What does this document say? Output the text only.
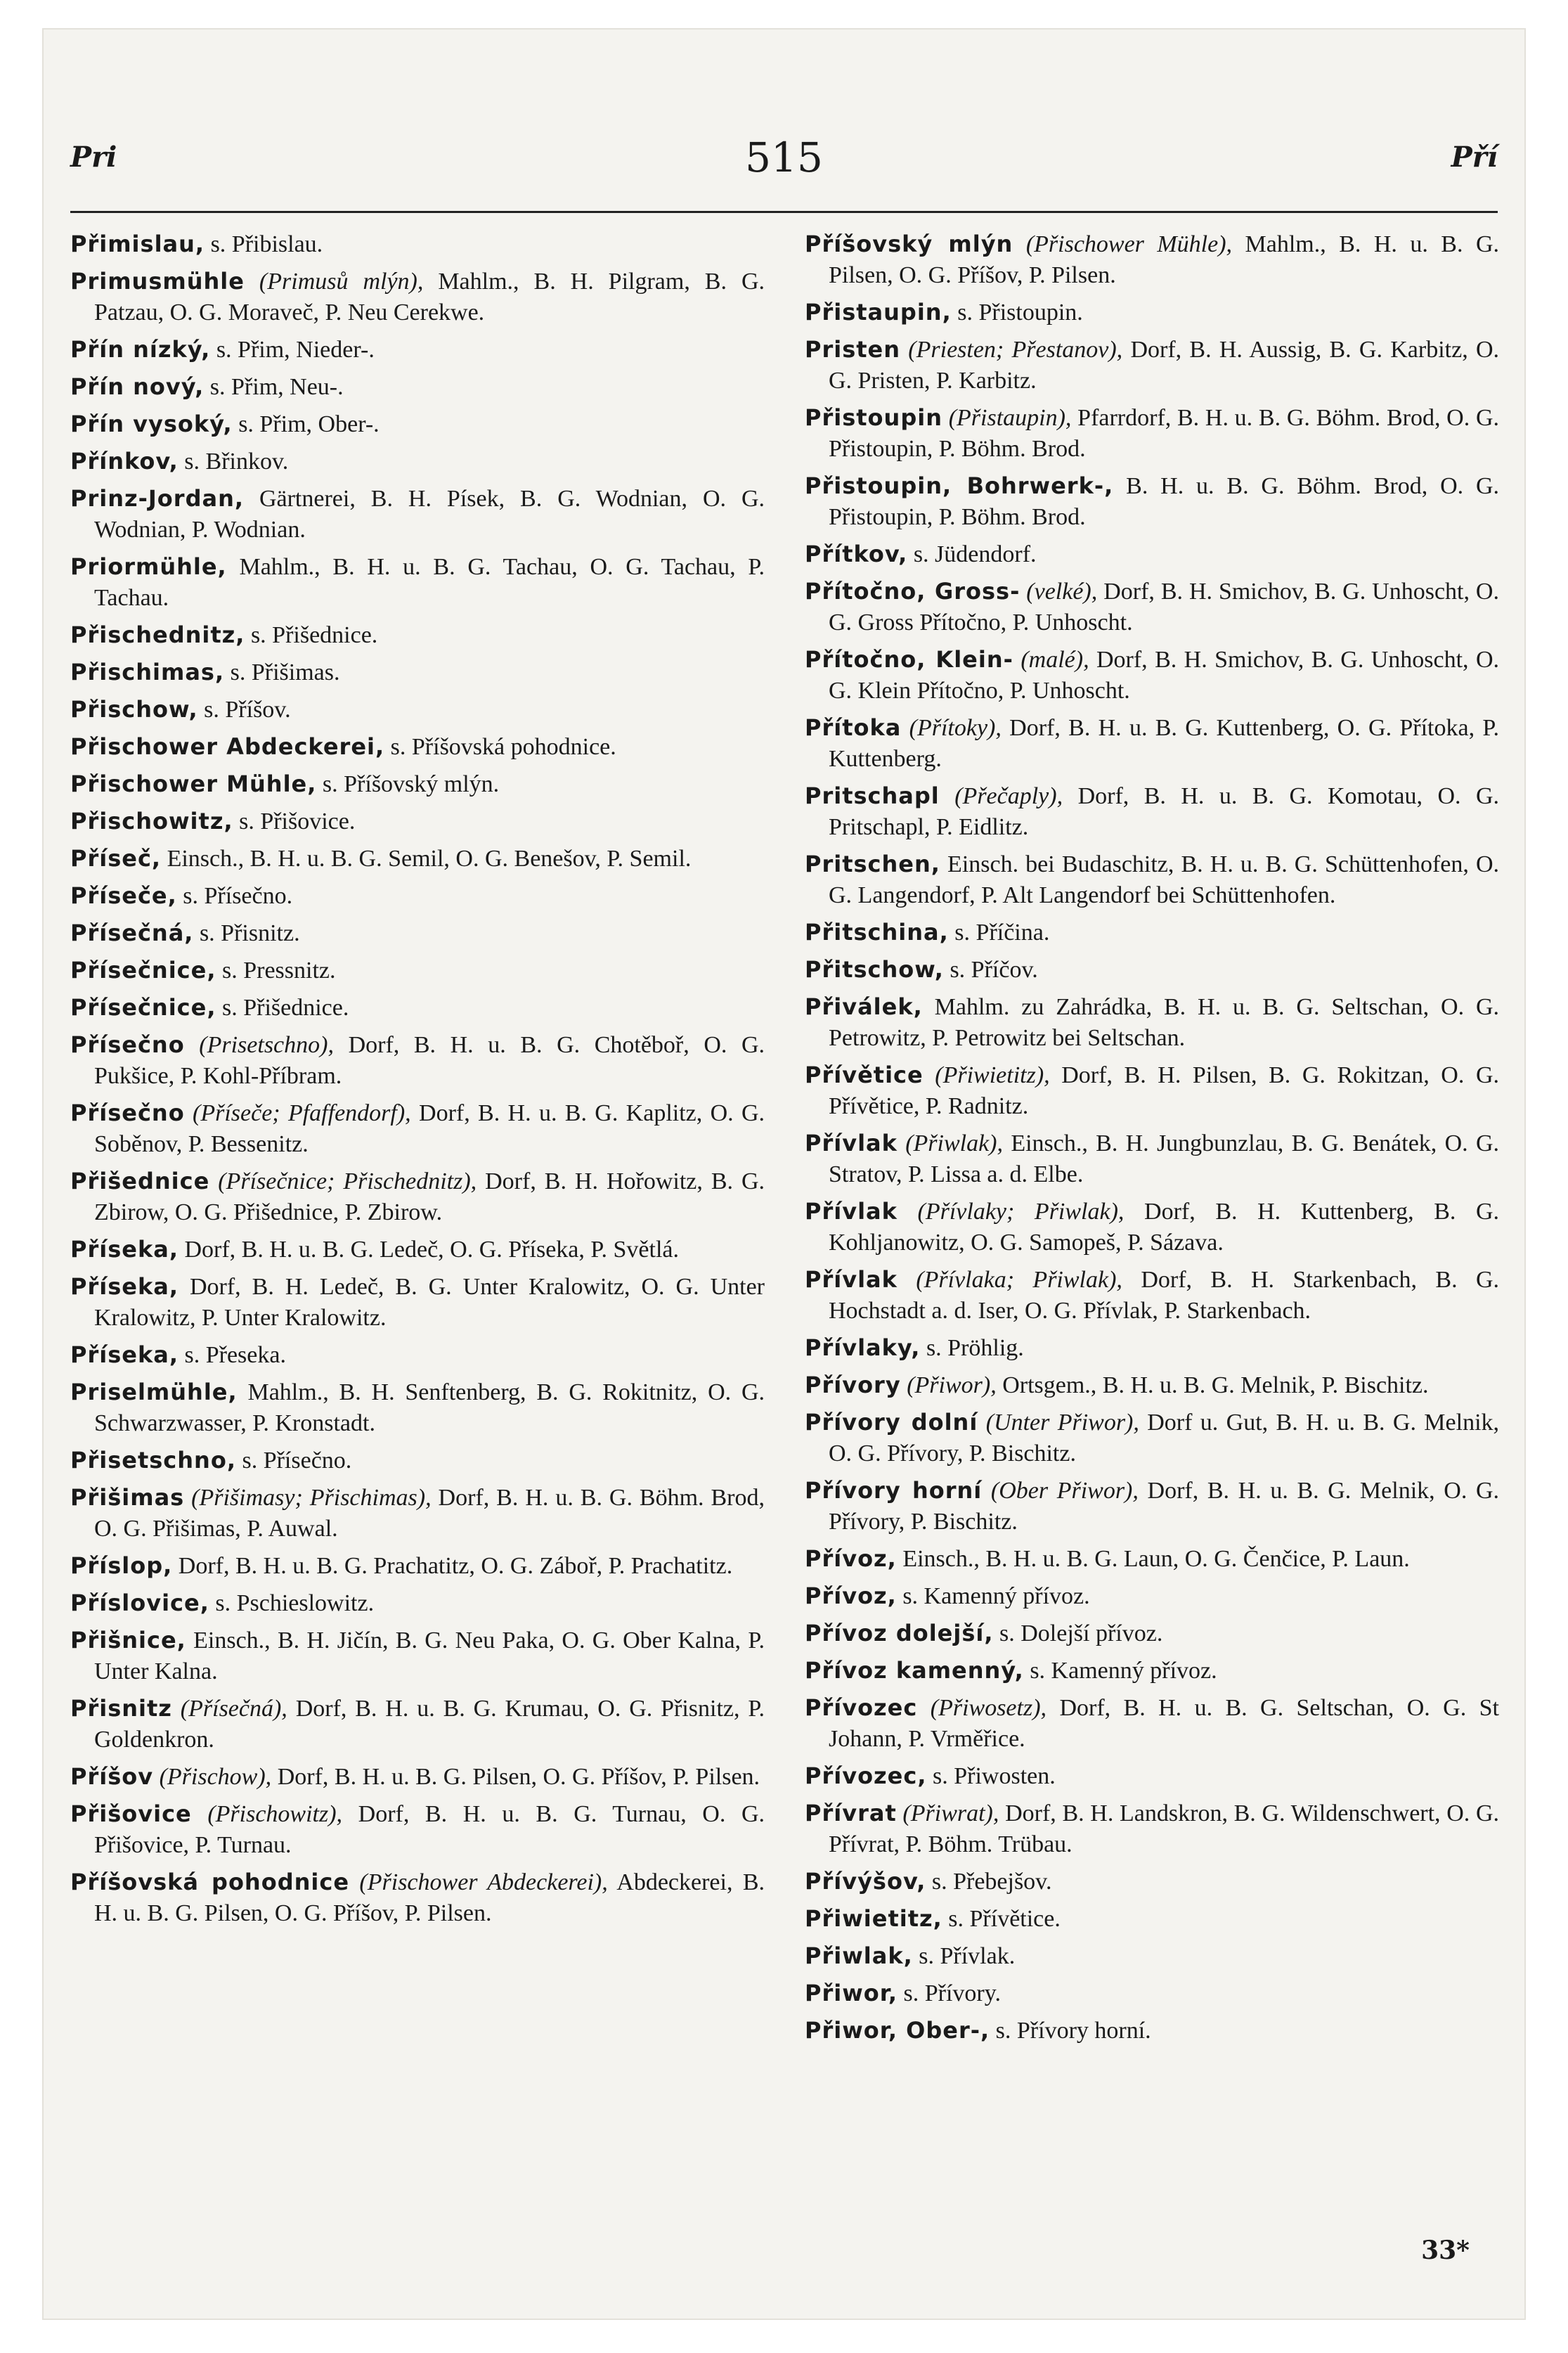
Pri	515	Pří

Přimislau, s. Přibislau.

Primusmühle (Primusů mlýn), Mahlm., B. H. Pilgram, B. G. Patzau, O. G. Moraveč, P. Neu Cerekwe.

Přín nízký, s. Přim, Nieder-.

Přín nový, s. Přim, Neu-.

Přín vysoký, s. Přim, Ober-.

Přínkov, s. Břinkov.

Prinz-Jordan, Gärtnerei, B. H. Písek, B. G. Wodnian, O. G. Wodnian, P. Wodnian.

Priormühle, Mahlm., B. H. u. B. G. Tachau, O. G. Tachau, P. Tachau.

Přischednitz, s. Přišednice.

Přischimas, s. Přišimas.

Přischow, s. Příšov.

Přischower Abdeckerei, s. Příšovská pohodnice.

Přischower Mühle, s. Příšovský mlýn.

Přischowitz, s. Přišovice.

Příseč, Einsch., B. H. u. B. G. Semil, O. G. Benešov, P. Semil.

Příseče, s. Přísečno.

Přísečná, s. Přisnitz.

Přísečnice, s. Pressnitz.

Přísečnice, s. Přišednice.

Přísečno (Prisetschno), Dorf, B. H. u. B. G. Chotěboř, O. G. Pukšice, P. Kohl-Příbram.

Přísečno (Příseče; Pfaffendorf), Dorf, B. H. u. B. G. Kaplitz, O. G. Soběnov, P. Bessenitz.

Přišednice (Přísečnice; Přischednitz), Dorf, B. H. Hořowitz, B. G. Zbirow, O. G. Přišednice, P. Zbirow.

Příseka, Dorf, B. H. u. B. G. Ledeč, O. G. Příseka, P. Světlá.

Příseka, Dorf, B. H. Ledeč, B. G. Unter Kralowitz, O. G. Unter Kralowitz, P. Unter Kralowitz.

Příseka, s. Přeseka.

Priselmühle, Mahlm., B. H. Senftenberg, B. G. Rokitnitz, O. G. Schwarzwasser, P. Kronstadt.

Přisetschno, s. Přísečno.

Přišimas (Přišimasy; Přischimas), Dorf, B. H. u. B. G. Böhm. Brod, O. G. Přišimas, P. Auwal.

Příslop, Dorf, B. H. u. B. G. Prachatitz, O. G. Záboř, P. Prachatitz.

Příslovice, s. Pschieslowitz.

Přišnice, Einsch., B. H. Jičín, B. G. Neu Paka, O. G. Ober Kalna, P. Unter Kalna.

Přisnitz (Přísečná), Dorf, B. H. u. B. G. Krumau, O. G. Přisnitz, P. Goldenkron.

Příšov (Přischow), Dorf, B. H. u. B. G. Pilsen, O. G. Příšov, P. Pilsen.

Přišovice (Přischowitz), Dorf, B. H. u. B. G. Turnau, O. G. Přišovice, P. Turnau.

Příšovská pohodnice (Přischower Abdeckerei), Abdeckerei, B. H. u. B. G. Pilsen, O. G. Příšov, P. Pilsen.

Příšovský mlýn (Přischower Mühle), Mahlm., B. H. u. B. G. Pilsen, O. G. Příšov, P. Pilsen.

Přistaupin, s. Přistoupin.

Pristen (Priesten; Přestanov), Dorf, B. H. Aussig, B. G. Karbitz, O. G. Pristen, P. Karbitz.

Přistoupin (Přistaupin), Pfarrdorf, B. H. u. B. G. Böhm. Brod, O. G. Přistoupin, P. Böhm. Brod.

Přistoupin, Bohrwerk-, B. H. u. B. G. Böhm. Brod, O. G. Přistoupin, P. Böhm. Brod.

Přítkov, s. Jüdendorf.

Přítočno, Gross- (velké), Dorf, B. H. Smichov, B. G. Unhoscht, O. G. Gross Přítočno, P. Unhoscht.

Přítočno, Klein- (malé), Dorf, B. H. Smichov, B. G. Unhoscht, O. G. Klein Přítočno, P. Unhoscht.

Přítoka (Přítoky), Dorf, B. H. u. B. G. Kuttenberg, O. G. Přítoka, P. Kuttenberg.

Pritschapl (Přečaply), Dorf, B. H. u. B. G. Komotau, O. G. Pritschapl, P. Eidlitz.

Pritschen, Einsch. bei Budaschitz, B. H. u. B. G. Schüttenhofen, O. G. Langendorf, P. Alt Langendorf bei Schüttenhofen.

Přitschina, s. Příčina.

Přitschow, s. Příčov.

Přiválek, Mahlm. zu Zahrádka, B. H. u. B. G. Seltschan, O. G. Petrowitz, P. Petrowitz bei Seltschan.

Přívětice (Přiwietitz), Dorf, B. H. Pilsen, B. G. Rokitzan, O. G. Přívětice, P. Radnitz.

Přívlak (Přiwlak), Einsch., B. H. Jungbunzlau, B. G. Benátek, O. G. Stratov, P. Lissa a. d. Elbe.

Přívlak (Přívlaky; Přiwlak), Dorf, B. H. Kuttenberg, B. G. Kohljanowitz, O. G. Samopeš, P. Sázava.

Přívlak (Přívlaka; Přiwlak), Dorf, B. H. Starkenbach, B. G. Hochstadt a. d. Iser, O. G. Přívlak, P. Starkenbach.

Přívlaky, s. Pröhlig.

Přívory (Přiwor), Ortsgem., B. H. u. B. G. Melnik, P. Bischitz.

Přívory dolní (Unter Přiwor), Dorf u. Gut, B. H. u. B. G. Melnik, O. G. Přívory, P. Bischitz.

Přívory horní (Ober Přiwor), Dorf, B. H. u. B. G. Melnik, O. G. Přívory, P. Bischitz.

Přívoz, Einsch., B. H. u. B. G. Laun, O. G. Čenčice, P. Laun.

Přívoz, s. Kamenný přívoz.

Přívoz dolejší, s. Dolejší přívoz.

Přívoz kamenný, s. Kamenný přívoz.

Přívozec (Přiwosetz), Dorf, B. H. u. B. G. Seltschan, O. G. St Johann, P. Vrměřice.

Přívozec, s. Přiwosten.

Přívrat (Přiwrat), Dorf, B. H. Landskron, B. G. Wildenschwert, O. G. Přívrat, P. Böhm. Trübau.

Přívýšov, s. Přebejšov.

Přiwietitz, s. Přívětice.

Přiwlak, s. Přívlak.

Přiwor, s. Přívory.

Přiwor, Ober-, s. Přívory horní.

33*
